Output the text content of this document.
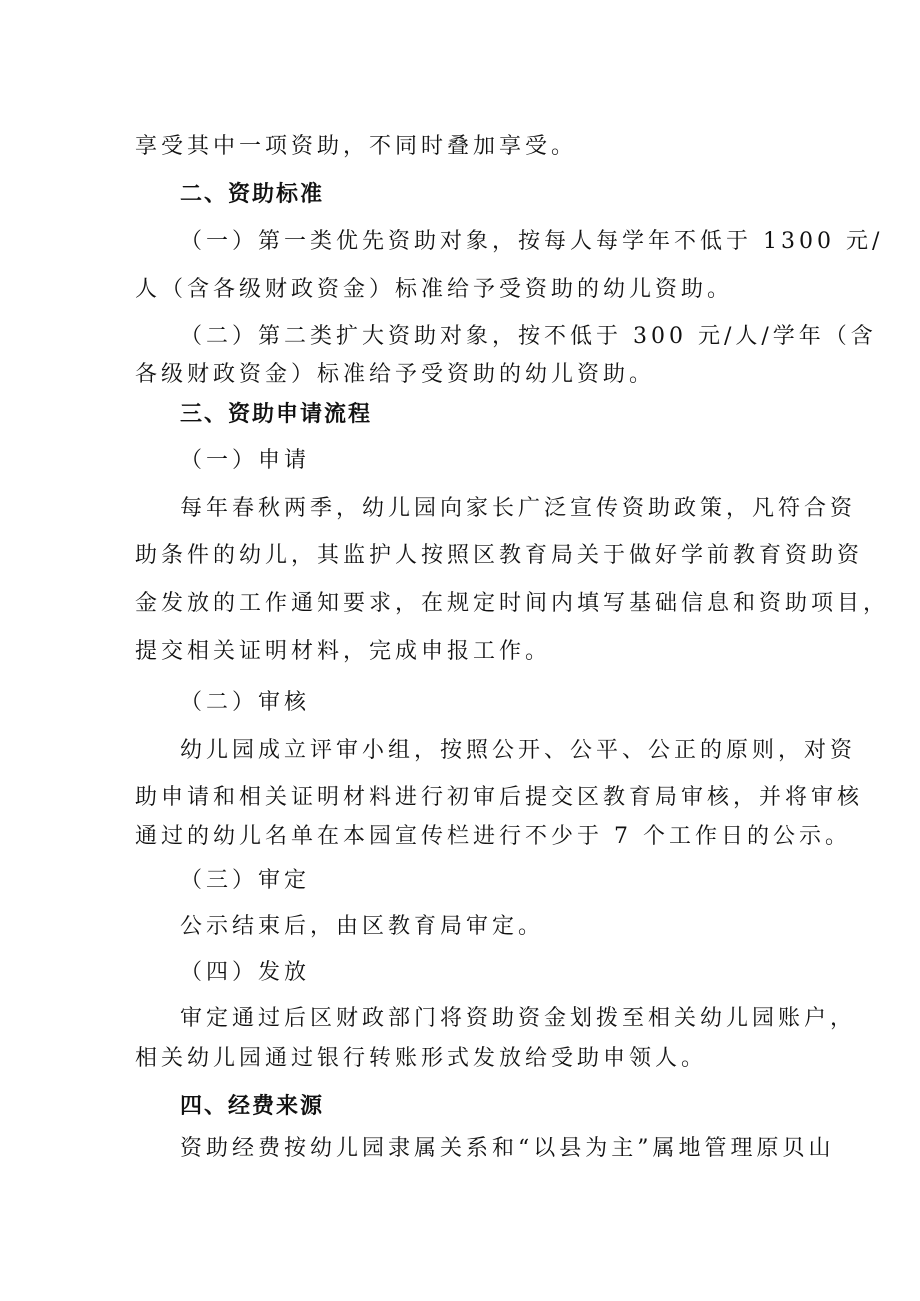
享受其中一项资助，不同时叠加享受。
二、资助标准
（一）第一类优先资助对象，按每人每学年不低于 1300 元/
人（含各级财政资金）标准给予受资助的幼儿资助。
（二）第二类扩大资助对象，按不低于 300 元/人/学年（含
各级财政资金）标准给予受资助的幼儿资助。
三、资助申请流程
（一）申请
每年春秋两季，幼儿园向家长广泛宣传资助政策，凡符合资
助条件的幼儿，其监护人按照区教育局关于做好学前教育资助资
金发放的工作通知要求，在规定时间内填写基础信息和资助项目，
提交相关证明材料，完成申报工作。
（二）审核
幼儿园成立评审小组，按照公开、公平、公正的原则，对资
助申请和相关证明材料进行初审后提交区教育局审核，并将审核
通过的幼儿名单在本园宣传栏进行不少于 7 个工作日的公示。
（三）审定
公示结束后，由区教育局审定。
（四）发放
审定通过后区财政部门将资助资金划拨至相关幼儿园账户，
相关幼儿园通过银行转账形式发放给受助申领人。
四、经费来源
资助经费按幼儿园隶属关系和“以县为主”属地管理原贝山
